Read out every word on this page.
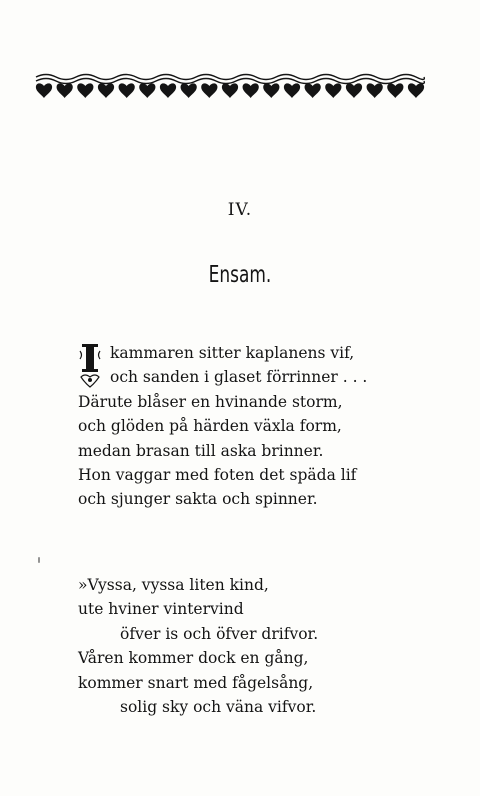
IV.
Ensam.
kammaren sitter kaplanens vif,
och sanden i glaset förrinner . . .
Därute blåser en hvinande storm,
och glöden på härden växla form,
medan brasan till aska brinner.
Hon vaggar med foten det späda lif
och sjunger sakta och spinner.
»Vyssa, vyssa liten kind,
ute hviner vintervind
öfver is och öfver drifvor.
Våren kommer dock en gång,
kommer snart med fågelsång,
solig sky och väna vifvor.
